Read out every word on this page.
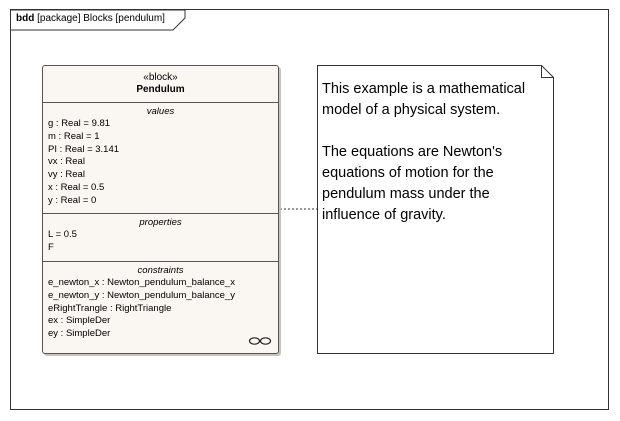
bdd [package] Blocks [pendulum]
«block»
Pendulum
values
g : Real = 9.81
m : Real = 1
PI : Real = 3.141
vx : Real
vy : Real
x : Real = 0.5
y : Real = 0
properties
L = 0.5
F
constraints
e_newton_x : Newton_pendulum_balance_x
e_newton_y : Newton_pendulum_balance_y
eRightTrangle : RightTriangle
ex : SimpleDer
ey : SimpleDer

This example is a mathematical model of a physical system.

The equations are Newton's equations of motion for the pendulum mass under the influence of gravity.
